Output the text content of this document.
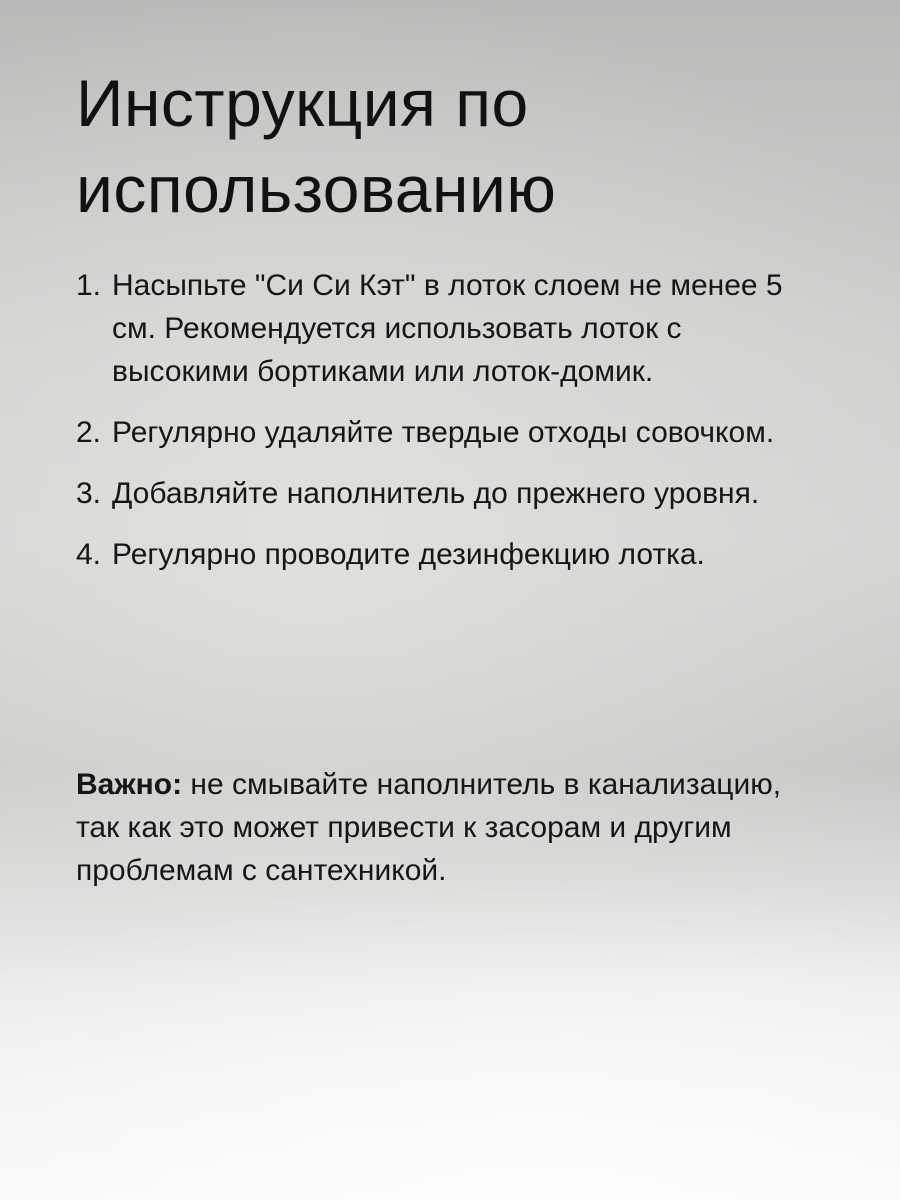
Инструкция по использованию
1. Насыпьте "Си Си Кэт" в лоток слоем не менее 5 см. Рекомендуется использовать лоток с высокими бортиками или лоток-домик.
2. Регулярно удаляйте твердые отходы совочком.
3. Добавляйте наполнитель до прежнего уровня.
4. Регулярно проводите дезинфекцию лотка.

Важно: не смывайте наполнитель в канализацию, так как это может привести к засорам и другим проблемам с сантехникой.
